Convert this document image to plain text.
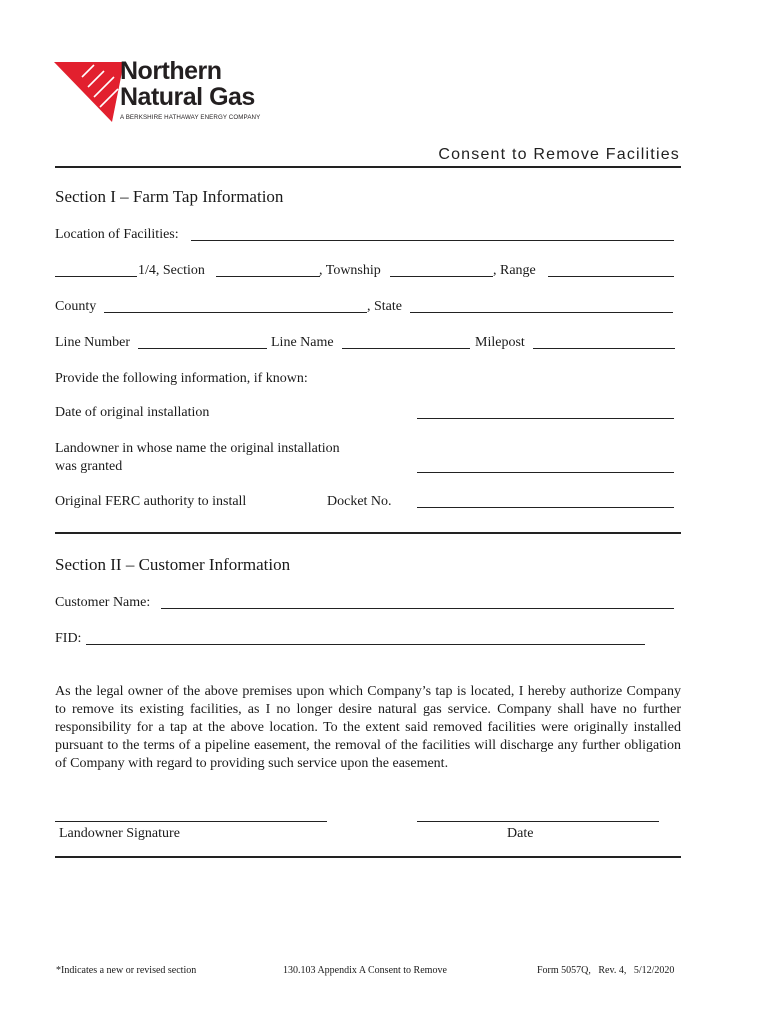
Northern
Natural Gas
A BERKSHIRE HATHAWAY ENERGY COMPANY
Consent to Remove Facilities
Section I – Farm Tap Information
Location of Facilities:
1/4, Section	, Township	, Range
County	, State
Line Number	Line Name	Milepost
Provide the following information, if known:
Date of original installation
Landowner in whose name the original installation
was granted
Original FERC authority to install	Docket No.
Section II – Customer Information
Customer Name:
FID:
As the legal owner of the above premises upon which Company’s tap is located, I hereby authorize Company to remove its existing facilities, as I no longer desire natural gas service. Company shall have no further responsibility for a tap at the above location. To the extent said removed facilities were originally installed pursuant to the terms of a pipeline easement, the removal of the facilities will discharge any further obligation of Company with regard to providing such service upon the easement.
Landowner Signature	Date
*Indicates a new or revised section	130.103 Appendix A Consent to Remove	Form 5057Q,   Rev. 4,   5/12/2020
